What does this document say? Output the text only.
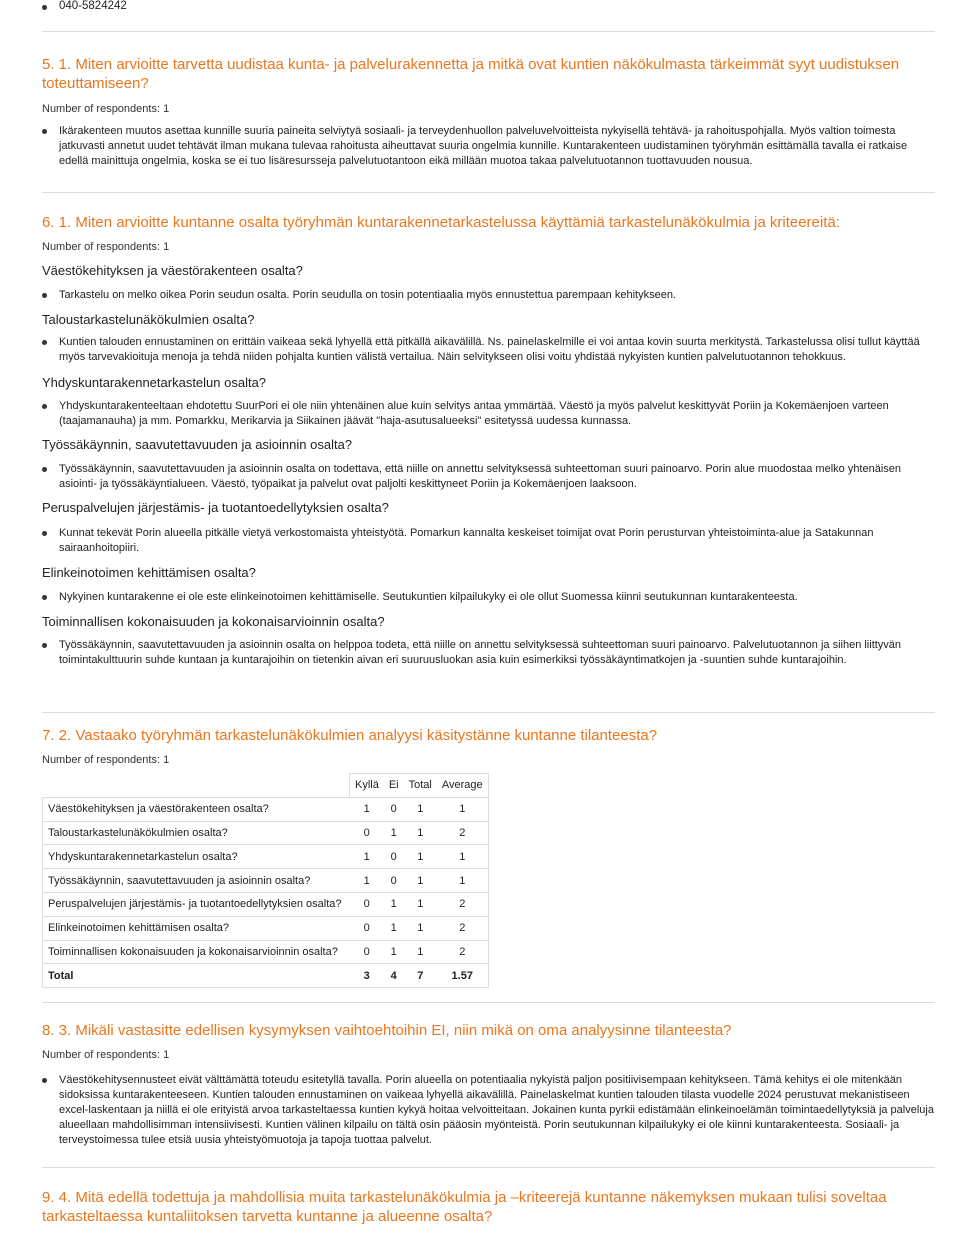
040-5824242
5. 1. Miten arvioitte tarvetta uudistaa kunta- ja palvelurakennetta ja mitkä ovat kuntien näkökulmasta tärkeimmät syyt uudistuksen toteuttamiseen?
Number of respondents: 1
Ikärakenteen muutos asettaa kunnille suuria paineita selviytyä sosiaali- ja terveydenhuollon palveluvelvoitteista nykyisellä tehtävä- ja rahoituspohjalla. Myös valtion toimesta jatkuvasti annetut uudet tehtävät ilman mukana tulevaa rahoitusta aiheuttavat suuria ongelmia kunnille. Kuntarakenteen uudistaminen työryhmän esittämällä tavalla ei ratkaise edellä mainittuja ongelmia, koska se ei tuo lisäresursseja palvelutuotantoon eikä millään muotoa takaa palvelutuotannon tuottavuuden nousua.
6. 1. Miten arvioitte kuntanne osalta työryhmän kuntarakennetarkastelussa käyttämiä tarkastelunäkökulmia ja kriteereitä:
Number of respondents: 1
Väestökehityksen ja väestörakenteen osalta?
Tarkastelu on melko oikea Porin seudun osalta. Porin seudulla on tosin potentiaalia myös ennustettua parempaan kehitykseen.
Taloustarkastelunäkökulmien osalta?
Kuntien talouden ennustaminen on erittäin vaikeaa sekä lyhyellä että pitkällä aikavälillä. Ns. painelaskelmille ei voi antaa kovin suurta merkitystä. Tarkastelussa olisi tullut käyttää myös tarvevakioituja menoja ja tehdä niiden pohjalta kuntien välistä vertailua. Näin selvitykseen olisi voitu yhdistää nykyisten kuntien palvelutuotannon tehokkuus.
Yhdyskuntarakennetarkastelun osalta?
Yhdyskuntarakenteeltaan ehdotettu SuurPori ei ole niin yhtenäinen alue kuin selvitys antaa ymmärtää. Väestö ja myös palvelut keskittyvät Poriin ja Kokemäenjoen varteen (taajamanauha) ja mm. Pomarkku, Merikarvia ja Siikainen jäävät "haja-asutusalueeksi" esitetyssä uudessa kunnassa.
Työssäkäynnin, saavutettavuuden ja asioinnin osalta?
Työssäkäynnin, saavutettavuuden ja asioinnin osalta on todettava, että niille on annettu selvityksessä suhteettoman suuri painoarvo. Porin alue muodostaa melko yhtenäisen asiointi- ja työssäkäyntialueen. Väestö, työpaikat ja palvelut ovat paljolti keskittyneet Poriin ja Kokemäenjoen laaksoon.
Peruspalvelujen järjestämis- ja tuotantoedellytyksien osalta?
Kunnat tekevät Porin alueella pitkälle vietyä verkostomaista yhteistyötä. Pomarkun kannalta keskeiset toimijat ovat Porin perusturvan yhteistoiminta-alue ja Satakunnan sairaanhoitopiiri.
Elinkeinotoimen kehittämisen osalta?
Nykyinen kuntarakenne ei ole este elinkeinotoimen kehittämiselle. Seutukuntien kilpailukyky ei ole ollut Suomessa kiinni seutukunnan kuntarakenteesta.
Toiminnallisen kokonaisuuden ja kokonaisarvioinnin osalta?
Työssäkäynnin, saavutettavuuden ja asioinnin osalta on helppoa todeta, että niille on annettu selvityksessä suhteettoman suuri painoarvo. Palvelutuotannon ja siihen liittyvän toimintakulttuurin suhde kuntaan ja kuntarajoihin on tietenkin aivan eri suuruusluokan asia kuin esimerkiksi työssäkäyntimatkojen ja -suuntien suhde kuntarajoihin.
7. 2. Vastaako työryhmän tarkastelunäkökulmien analyysi käsitystänne kuntanne tilanteesta?
Number of respondents: 1
	Kyllä	Ei	Total	Average
Väestökehityksen ja väestörakenteen osalta?	1	0	1	1
Taloustarkastelunäkökulmien osalta?	0	1	1	2
Yhdyskuntarakennetarkastelun osalta?	1	0	1	1
Työssäkäynnin, saavutettavuuden ja asioinnin osalta?	1	0	1	1
Peruspalvelujen järjestämis- ja tuotantoedellytyksien osalta?	0	1	1	2
Elinkeinotoimen kehittämisen osalta?	0	1	1	2
Toiminnallisen kokonaisuuden ja kokonaisarvioinnin osalta?	0	1	1	2
Total	3	4	7	1.57
8. 3. Mikäli vastasitte edellisen kysymyksen vaihtoehtoihin EI, niin mikä on oma analyysinne tilanteesta?
Number of respondents: 1
Väestökehitysennusteet eivät välttämättä toteudu esitetyllä tavalla. Porin alueella on potentiaalia nykyistä paljon positiivisempaan kehitykseen. Tämä kehitys ei ole mitenkään sidoksissa kuntarakenteeseen. Kuntien talouden ennustaminen on vaikeaa lyhyellä aikavälillä. Painelaskelmat kuntien talouden tilasta vuodelle 2024 perustuvat mekanistiseen excel-laskentaan ja niillä ei ole erityistä arvoa tarkasteltaessa kuntien kykyä hoitaa velvoitteitaan. Jokainen kunta pyrkii edistämään elinkeinoelämän toimintaedellytyksiä ja palveluja alueellaan mahdollisimman intensiivisesti. Kuntien välinen kilpailu on tältä osin pääosin myönteistä. Porin seutukunnan kilpailukyky ei ole kiinni kuntarakenteesta. Sosiaali- ja terveystoimessa tulee etsiä uusia yhteistyömuotoja ja tapoja tuottaa palvelut.
9. 4. Mitä edellä todettuja ja mahdollisia muita tarkastelunäkökulmia ja –kriteerejä kuntanne näkemyksen mukaan tulisi soveltaa tarkasteltaessa kuntaliitoksen tarvetta kuntanne ja alueenne osalta?
